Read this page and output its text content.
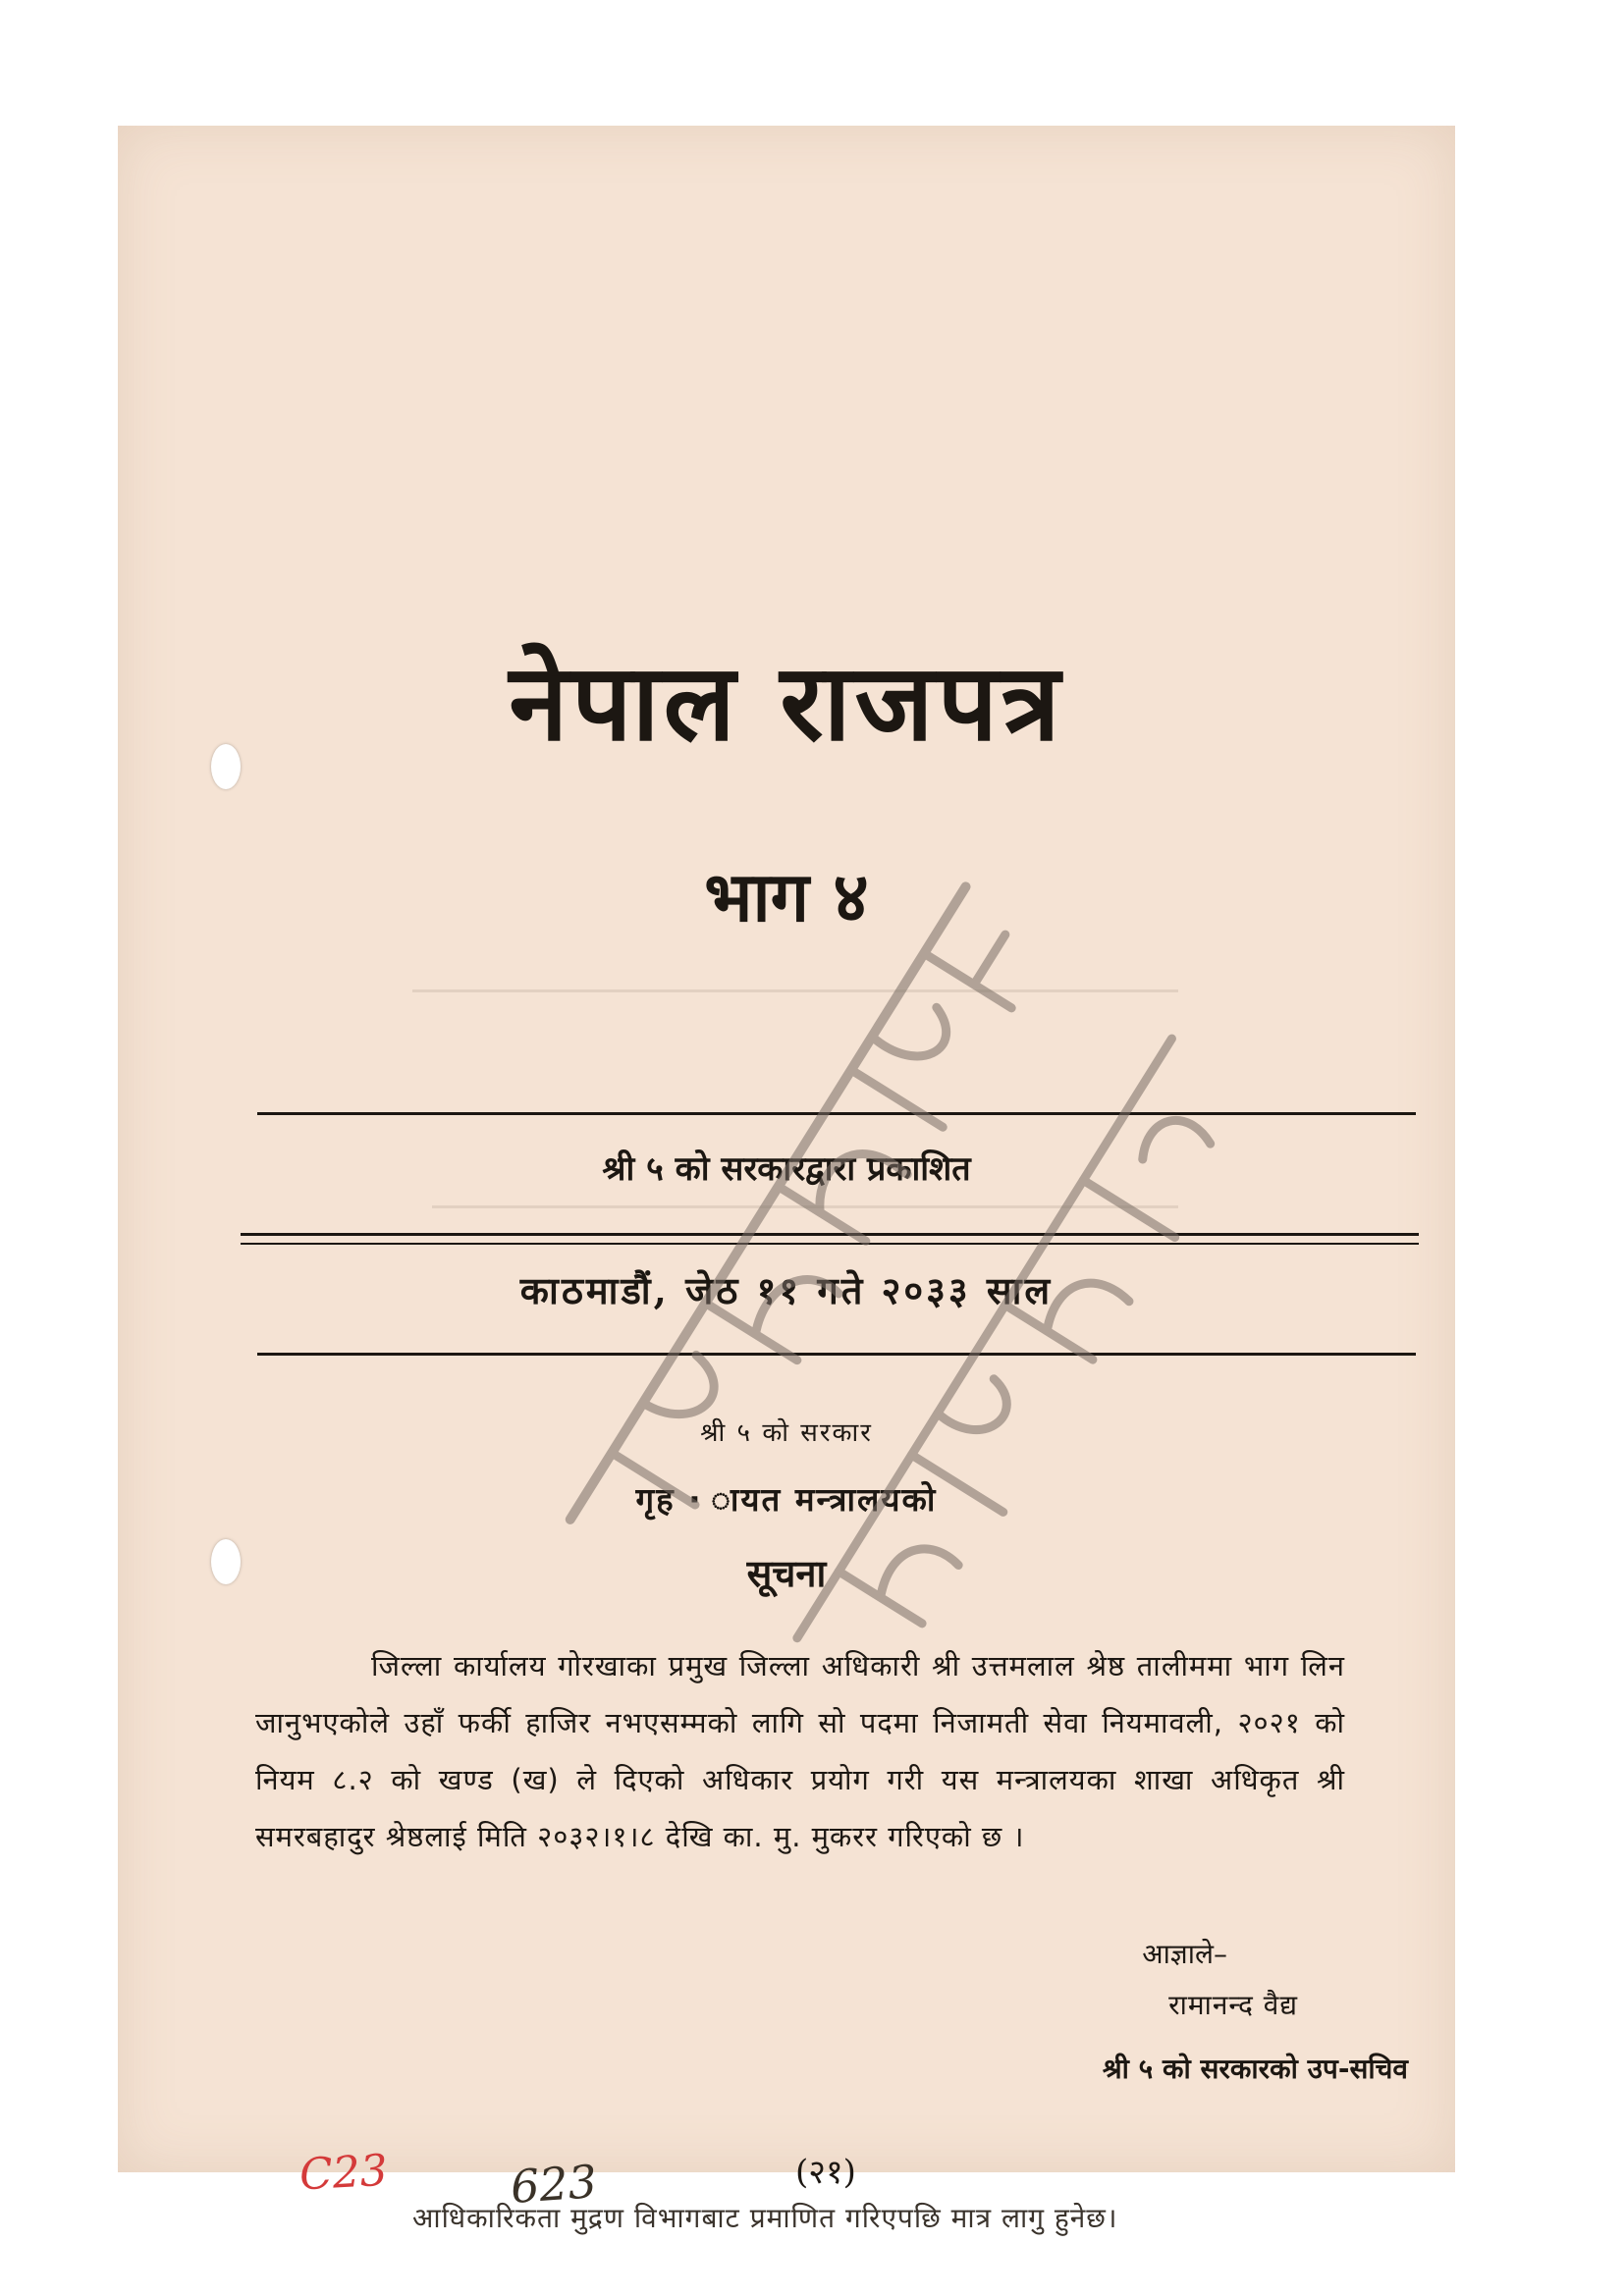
नेपाल राजपत्र
भाग ४
श्री ५ को सरकारद्वारा प्रकाशित
काठमाडौं, जेठ ११ गते २०३३ साल
श्री ५ को सरकार
गृह · ायत मन्त्रालयको
सूचना
जिल्ला कार्यालय गोरखाका प्रमुख जिल्ला अधिकारी श्री उत्तमलाल श्रेष्ठ तालीममा भाग लिन जानुभएकोले उहाँ फर्की हाजिर नभएसम्मको लागि सो पदमा निजामती सेवा नियमावली, २०२१ को नियम ८.२ को खण्ड (ख) ले दिएको अधिकार प्रयोग गरी यस मन्त्रालयका शाखा अधिकृत श्री समरबहादुर श्रेष्ठलाई मिति २०३२।१।८ देखि का. मु. मुकरर गरिएको छ ।
आज्ञाले–
रामानन्द वैद्य
श्री ५ को सरकारको उप-सचिव
C23	623	(२१)
आधिकारिकता मुद्रण विभागबाट प्रमाणित गरिएपछि मात्र लागु हुनेछ।
